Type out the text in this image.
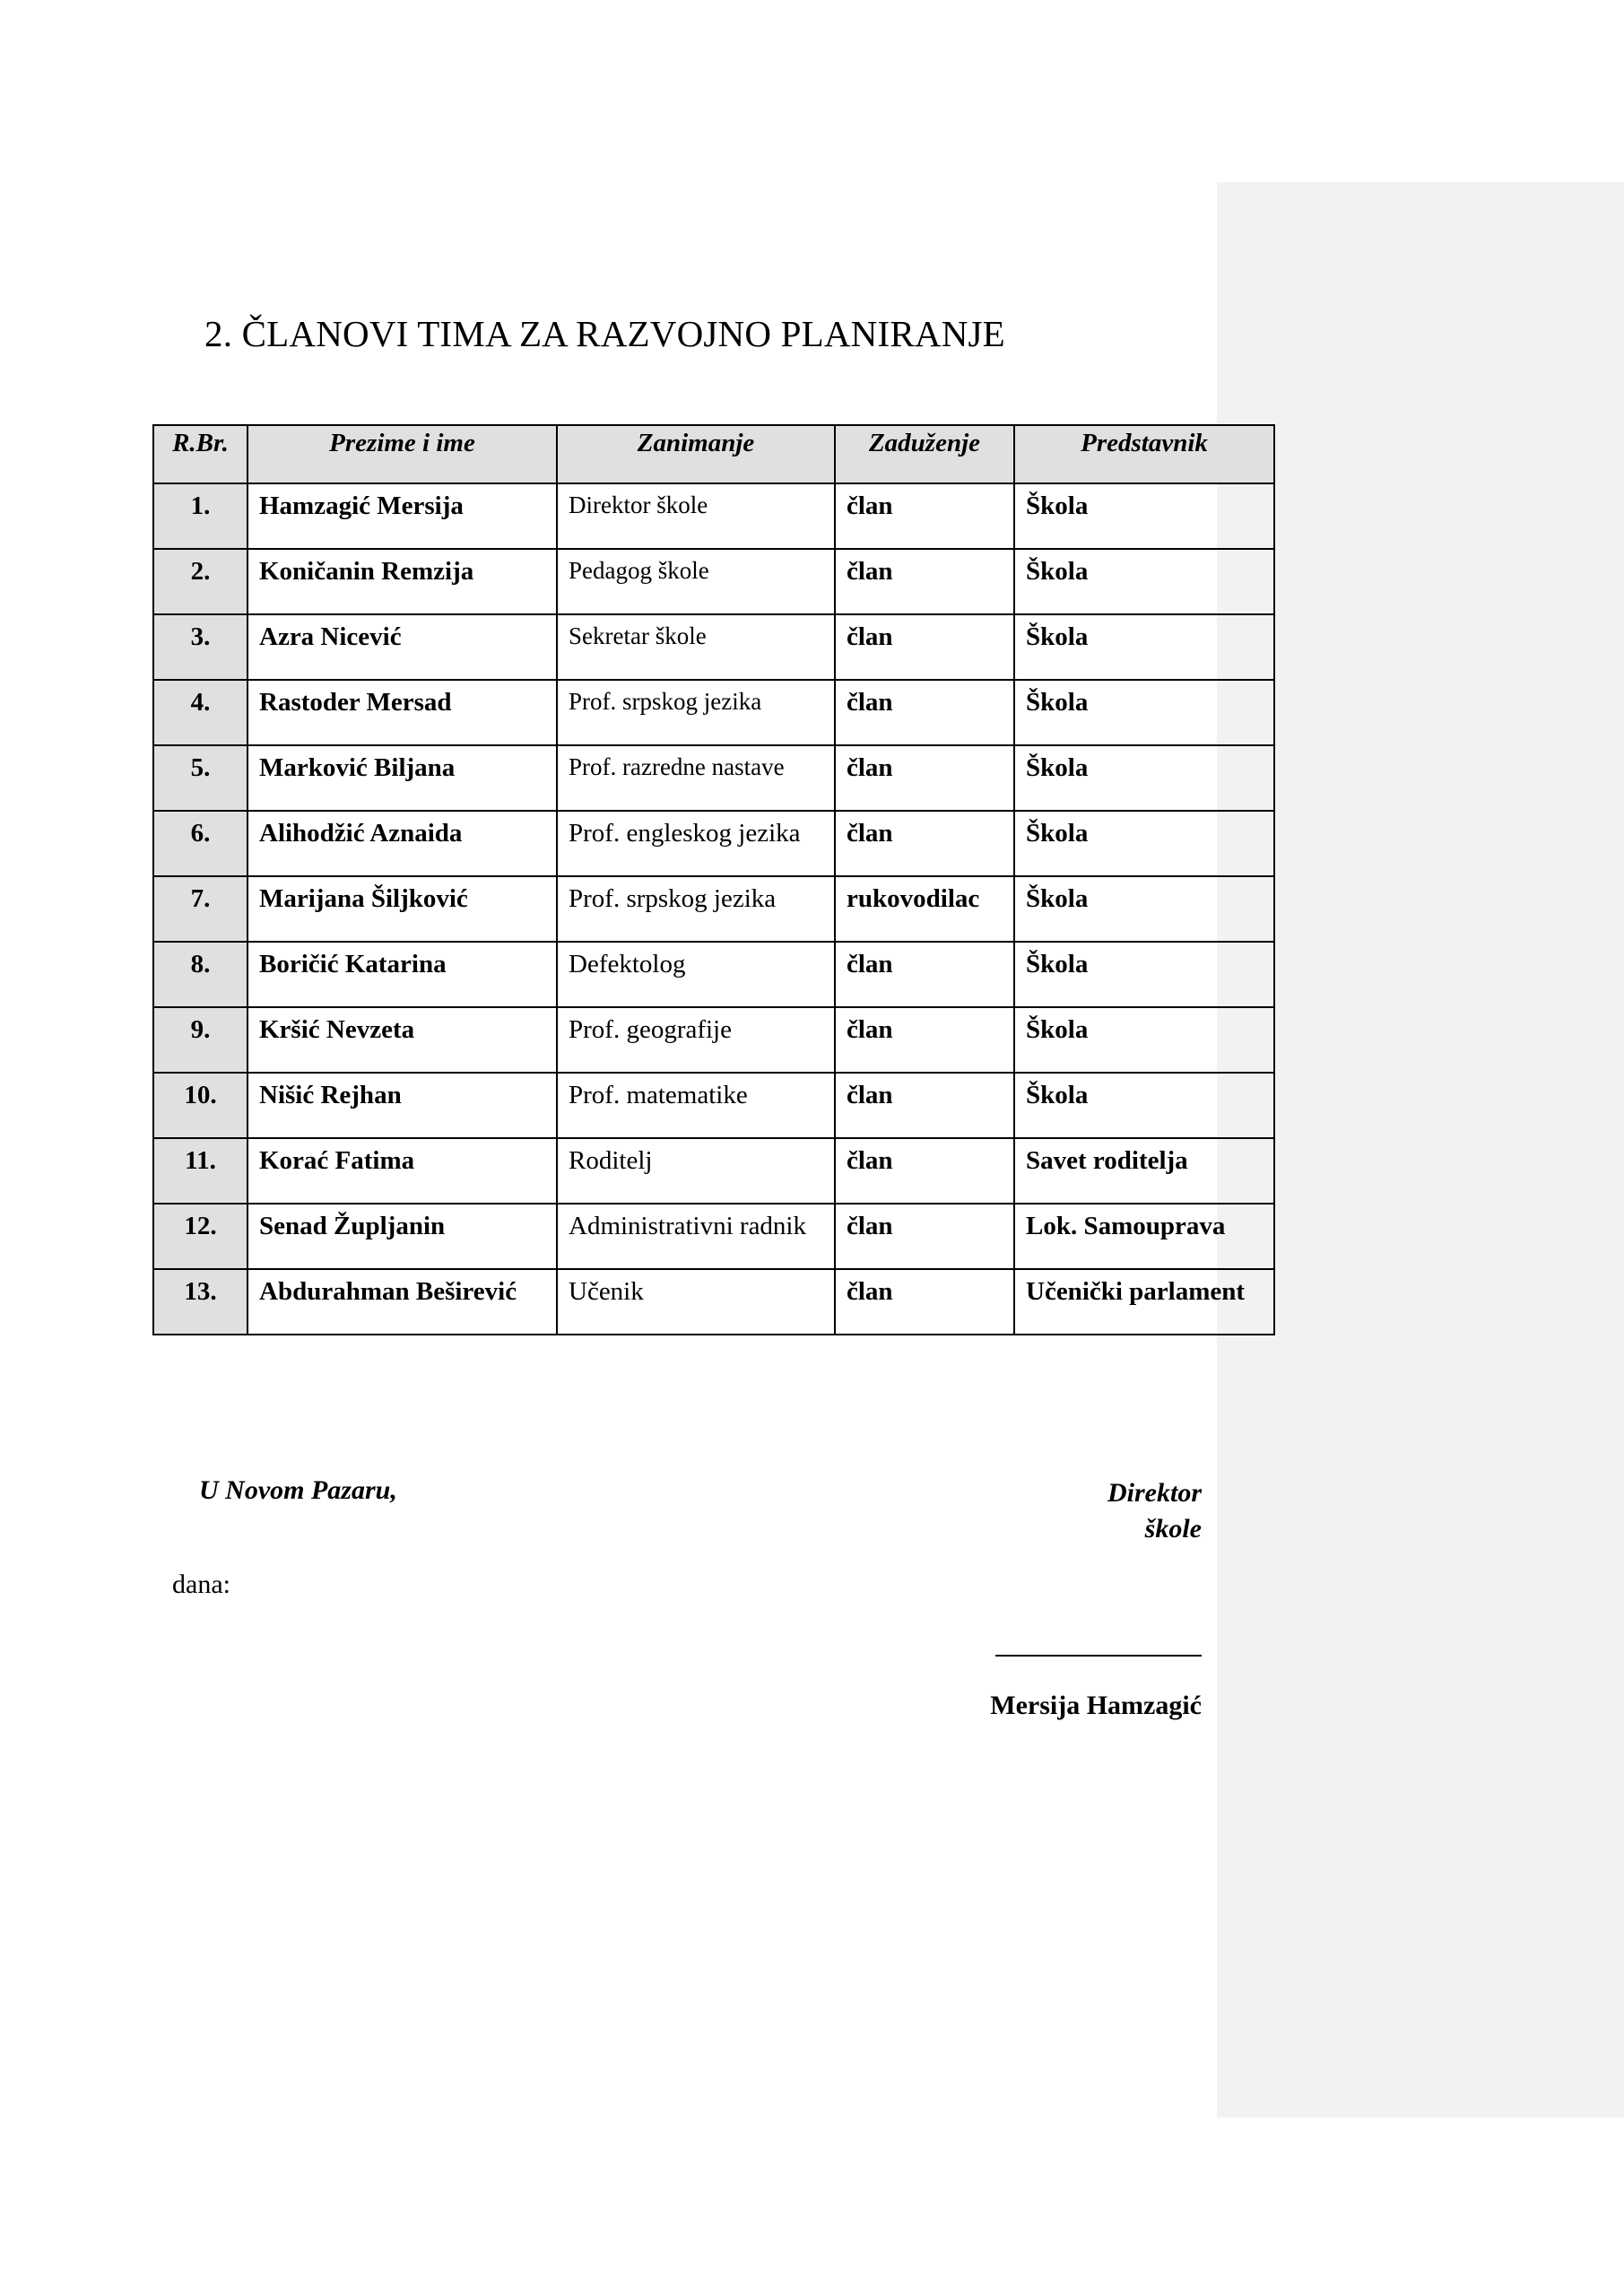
2. ČLANOVI TIMA ZA RAZVOJNO PLANIRANJE
R.Br.	Prezime i ime	Zanimanje	Zaduženje	Predstavnik
1.	Hamzagić Mersija	Direktor škole	član	Škola
2.	Koničanin Remzija	Pedagog škole	član	Škola
3.	Azra Nicević	Sekretar škole	član	Škola
4.	Rastoder Mersad	Prof. srpskog jezika	član	Škola
5.	Marković Biljana	Prof. razredne nastave	član	Škola
6.	Alihodžić Aznaida	Prof. engleskog jezika	član	Škola
7.	Marijana Šiljković	Prof. srpskog jezika	rukovodilac	Škola
8.	Boričić Katarina	Defektolog	član	Škola
9.	Kršić Nevzeta	Prof. geografije	član	Škola
10.	Nišić Rejhan	Prof. matematike	član	Škola
11.	Korać Fatima	Roditelj	član	Savet roditelja
12.	Senad Župljanin	Administrativni radnik	član	Lok. Samouprava
13.	Abdurahman Beširević	Učenik	član	Učenički parlament
U Novom Pazaru,	Direktor
škole
dana:
Mersija Hamzagić
